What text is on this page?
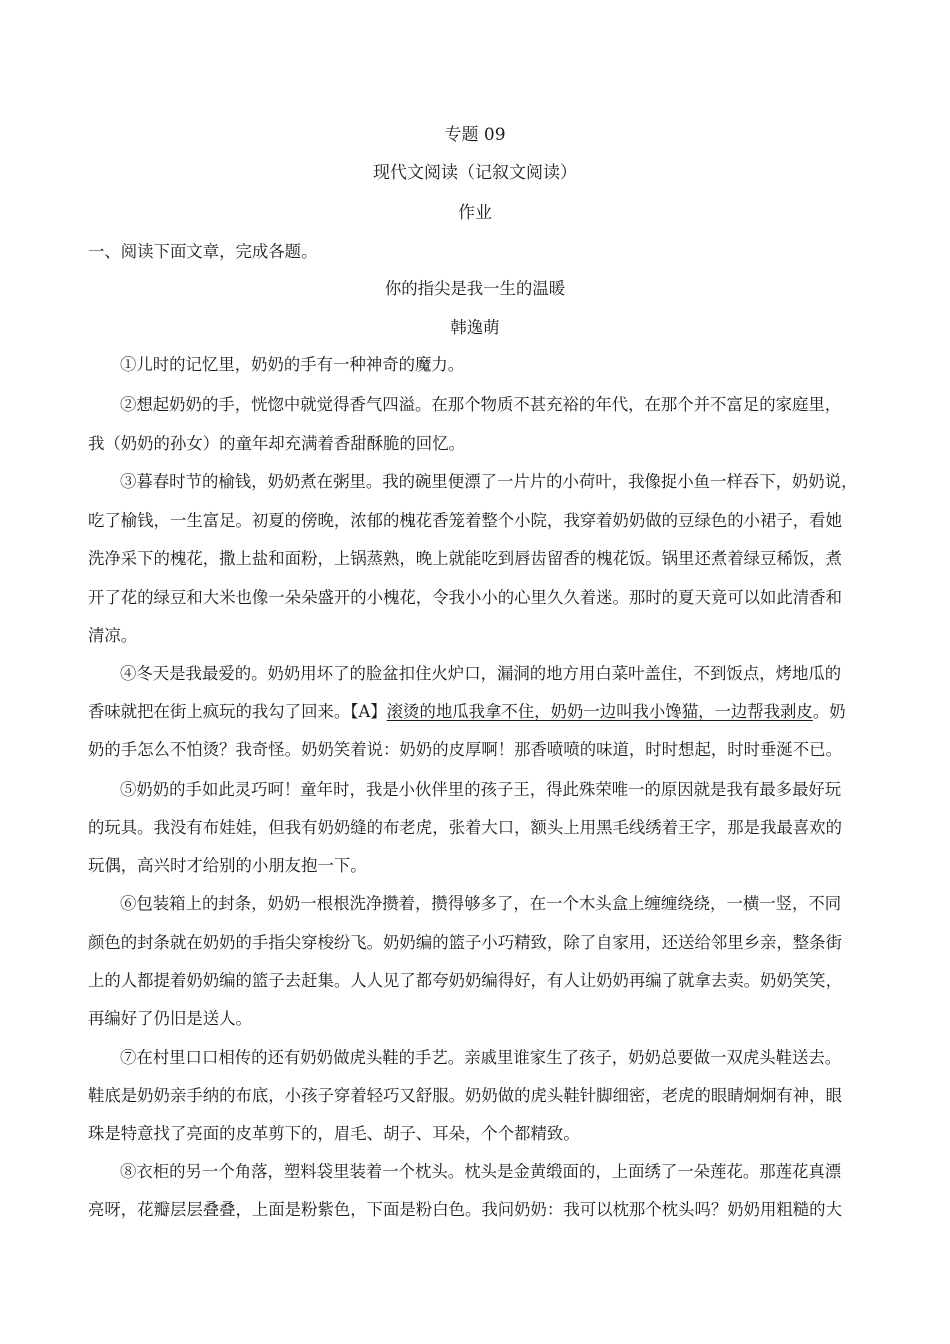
专题 09
现代文阅读（记叙文阅读）
作业
一、阅读下面文章，完成各题。
你的指尖是我一生的温暖
韩逸萌
①儿时的记忆里，奶奶的手有一种神奇的魔力。
②想起奶奶的手，恍惚中就觉得香气四溢。在那个物质不甚充裕的年代，在那个并不富足的家庭里，
我（奶奶的孙女）的童年却充满着香甜酥脆的回忆。
③暮春时节的榆钱，奶奶煮在粥里。我的碗里便漂了一片片的小荷叶，我像捉小鱼一样吞下，奶奶说，
吃了榆钱，一生富足。初夏的傍晚，浓郁的槐花香笼着整个小院，我穿着奶奶做的豆绿色的小裙子，看她
洗净采下的槐花，撒上盐和面粉，上锅蒸熟，晚上就能吃到唇齿留香的槐花饭。锅里还煮着绿豆稀饭，煮
开了花的绿豆和大米也像一朵朵盛开的小槐花，令我小小的心里久久着迷。那时的夏天竟可以如此清香和
清凉。
④冬天是我最爱的。奶奶用坏了的脸盆扣住火炉口，漏洞的地方用白菜叶盖住，不到饭点，烤地瓜的
香味就把在街上疯玩的我勾了回来。【A】滚烫的地瓜我拿不住，奶奶一边叫我小馋猫，一边帮我剥皮。奶
奶的手怎么不怕烫？我奇怪。奶奶笑着说：奶奶的皮厚啊！那香喷喷的味道，时时想起，时时垂涎不已。
⑤奶奶的手如此灵巧呵！童年时，我是小伙伴里的孩子王，得此殊荣唯一的原因就是我有最多最好玩
的玩具。我没有布娃娃，但我有奶奶缝的布老虎，张着大口，额头上用黑毛线绣着王字，那是我最喜欢的
玩偶，高兴时才给别的小朋友抱一下。
⑥包装箱上的封条，奶奶一根根洗净攒着，攒得够多了，在一个木头盒上缠缠绕绕，一横一竖，不同
颜色的封条就在奶奶的手指尖穿梭纷飞。奶奶编的篮子小巧精致，除了自家用，还送给邻里乡亲，整条街
上的人都提着奶奶编的篮子去赶集。人人见了都夸奶奶编得好，有人让奶奶再编了就拿去卖。奶奶笑笑，
再编好了仍旧是送人。
⑦在村里口口相传的还有奶奶做虎头鞋的手艺。亲戚里谁家生了孩子，奶奶总要做一双虎头鞋送去。
鞋底是奶奶亲手纳的布底，小孩子穿着轻巧又舒服。奶奶做的虎头鞋针脚细密，老虎的眼睛炯炯有神，眼
珠是特意找了亮面的皮革剪下的，眉毛、胡子、耳朵，个个都精致。
⑧衣柜的另一个角落，塑料袋里装着一个枕头。枕头是金黄缎面的，上面绣了一朵莲花。那莲花真漂
亮呀，花瓣层层叠叠，上面是粉紫色，下面是粉白色。我问奶奶：我可以枕那个枕头吗？奶奶用粗糙的大
